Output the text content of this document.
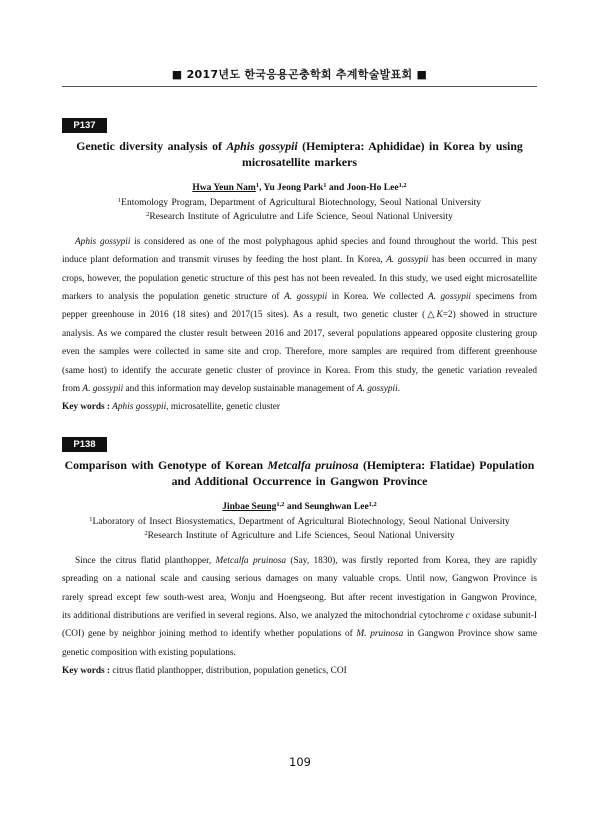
■ 2017년도 한국응용곤충학회 추계학술발표회 ■
P137
Genetic diversity analysis of Aphis gossypii (Hemiptera: Aphididae) in Korea by using
microsatellite markers
Hwa Yeun Nam$^1$, Yu Jeong Park$^1$ and Joon-Ho Lee$^{1,2}$
$^1$Entomology Program, Department of Agricultural Biotechnology, Seoul National University
$^2$Research Institute of Agriculutre and Life Science, Seoul National University
Aphis gossypii is considered as one of the most polyphagous aphid species and found throughout the world. This pest
induce plant deformation and transmit viruses by feeding the host plant. In Korea, A. gossypii has been occurred in many
crops, however, the population genetic structure of this pest has not been revealed. In this study, we used eight microsatellite
markers to analysis the population genetic structure of A. gossypii in Korea. We collected A. gossypii specimens from
pepper greenhouse in 2016 (18 sites) and 2017(15 sites). As a result, two genetic cluster (△K=2) showed in structure
analysis. As we compared the cluster result between 2016 and 2017, several populations appeared opposite clustering group
even the samples were collected in same site and crop. Therefore, more samples are required from different greenhouse
(same host) to identify the accurate genetic cluster of province in Korea. From this study, the genetic variation revealed
from A. gossypii and this information may develop sustainable management of A. gossypii.
Key words : Aphis gossypii, microsatellite, genetic cluster
P138
Comparison with Genotype of Korean Metcalfa pruinosa (Hemiptera: Flatidae) Population
and Additional Occurrence in Gangwon Province
Jinbae Seung$^{1,2}$ and Seunghwan Lee$^{1,2}$
$^1$Laboratory of Insect Biosystematics, Department of Agricultural Biotechnology, Seoul National University
$^2$Research Institute of Agriculture and Life Sciences, Seoul National University
Since the citrus flatid planthopper, Metcalfa pruinosa (Say, 1830), was firstly reported from Korea, they are rapidly
spreading on a national scale and causing serious damages on many valuable crops. Until now, Gangwon Province is
rarely spread except few south-west area, Wonju and Hoengseong. But after recent investigation in Gangwon Province,
its additional distributions are verified in several regions. Also, we analyzed the mitochondrial cytochrome c oxidase subunit-I
(COI) gene by neighbor joining method to identify whether populations of M. pruinosa in Gangwon Province show same
genetic composition with existing populations.
Key words : citrus flatid planthopper, distribution, population genetics, COI
109
